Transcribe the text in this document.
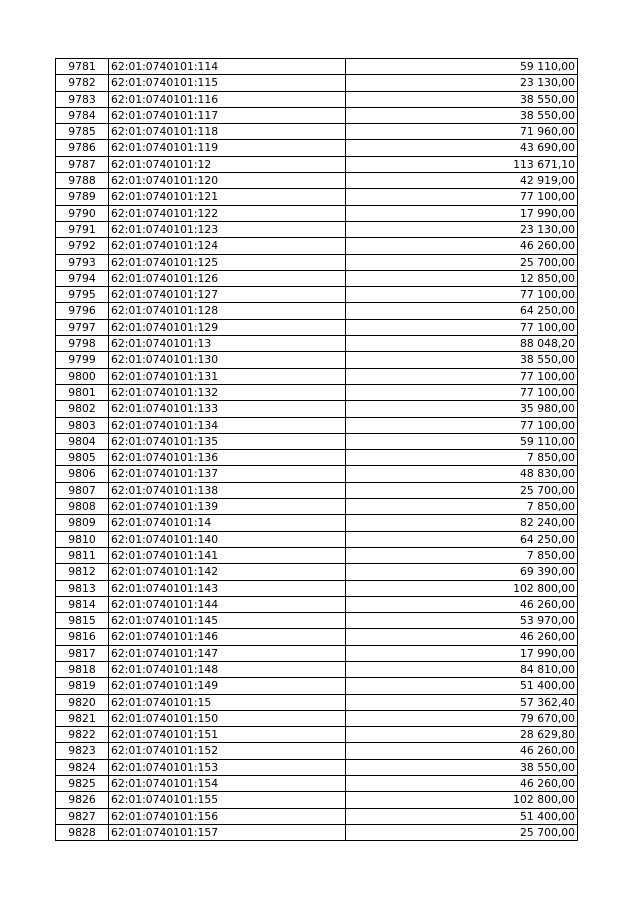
9781	62:01:0740101:114	59 110,00
9782	62:01:0740101:115	23 130,00
9783	62:01:0740101:116	38 550,00
9784	62:01:0740101:117	38 550,00
9785	62:01:0740101:118	71 960,00
9786	62:01:0740101:119	43 690,00
9787	62:01:0740101:12	113 671,10
9788	62:01:0740101:120	42 919,00
9789	62:01:0740101:121	77 100,00
9790	62:01:0740101:122	17 990,00
9791	62:01:0740101:123	23 130,00
9792	62:01:0740101:124	46 260,00
9793	62:01:0740101:125	25 700,00
9794	62:01:0740101:126	12 850,00
9795	62:01:0740101:127	77 100,00
9796	62:01:0740101:128	64 250,00
9797	62:01:0740101:129	77 100,00
9798	62:01:0740101:13	88 048,20
9799	62:01:0740101:130	38 550,00
9800	62:01:0740101:131	77 100,00
9801	62:01:0740101:132	77 100,00
9802	62:01:0740101:133	35 980,00
9803	62:01:0740101:134	77 100,00
9804	62:01:0740101:135	59 110,00
9805	62:01:0740101:136	7 850,00
9806	62:01:0740101:137	48 830,00
9807	62:01:0740101:138	25 700,00
9808	62:01:0740101:139	7 850,00
9809	62:01:0740101:14	82 240,00
9810	62:01:0740101:140	64 250,00
9811	62:01:0740101:141	7 850,00
9812	62:01:0740101:142	69 390,00
9813	62:01:0740101:143	102 800,00
9814	62:01:0740101:144	46 260,00
9815	62:01:0740101:145	53 970,00
9816	62:01:0740101:146	46 260,00
9817	62:01:0740101:147	17 990,00
9818	62:01:0740101:148	84 810,00
9819	62:01:0740101:149	51 400,00
9820	62:01:0740101:15	57 362,40
9821	62:01:0740101:150	79 670,00
9822	62:01:0740101:151	28 629,80
9823	62:01:0740101:152	46 260,00
9824	62:01:0740101:153	38 550,00
9825	62:01:0740101:154	46 260,00
9826	62:01:0740101:155	102 800,00
9827	62:01:0740101:156	51 400,00
9828	62:01:0740101:157	25 700,00
